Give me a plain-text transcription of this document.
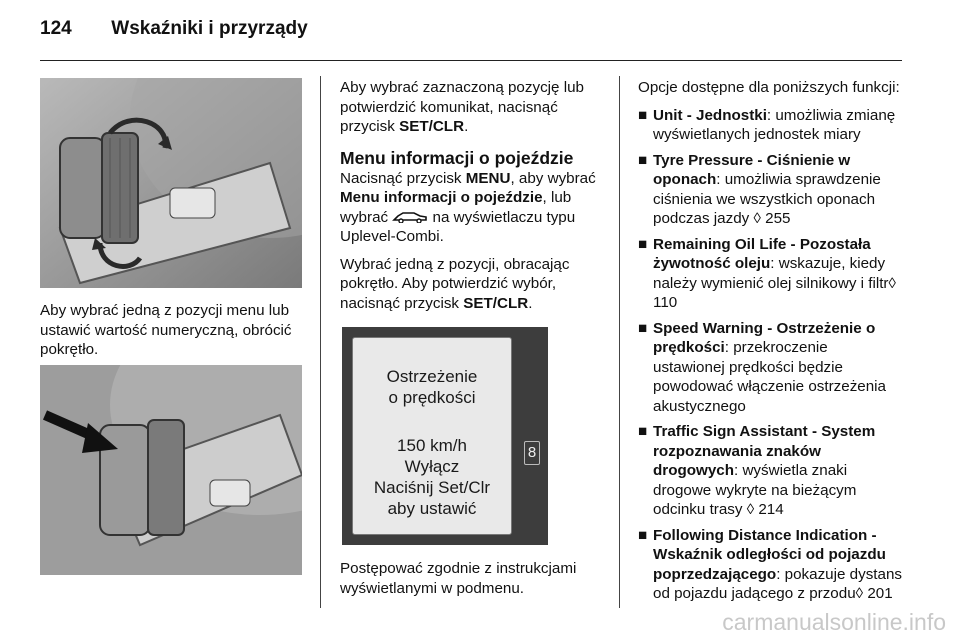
124 Wskaźniki i przyrządy
Aby wybrać jedną z pozycji menu lub ustawić wartość numeryczną, obrócić pokrętło.

Aby wybrać zaznaczoną pozycję lub potwierdzić komunikat, nacisnąć przycisk SET/CLR.

Menu informacji o pojeździe

Nacisnąć przycisk MENU, aby wybrać Menu informacji o pojeździe, lub wybrać  na wyświetlaczu typu Uplevel-Combi.

Wybrać jedną z pozycji, obracając pokrętło. Aby potwierdzić wybór, nacisnąć przycisk SET/CLR.

Ostrzeżenie
o prędkości
150 km/h
Wyłącz
Naciśnij Set/Clr
aby ustawić
8

Postępować zgodnie z instrukcjami wyświetlanymi w podmenu.

Opcje dostępne dla poniższych funkcji:

■ Unit - Jednostki: umożliwia zmianę wyświetlanych jednostek miary
■ Tyre Pressure - Ciśnienie w oponach: umożliwia sprawdzenie ciśnienia we wszystkich oponach podczas jazdy ◊ 255
■ Remaining Oil Life - Pozostała żywotność oleju: wskazuje, kiedy należy wymienić olej silnikowy i filtr◊ 110
■ Speed Warning - Ostrzeżenie o prędkości: przekroczenie ustawionej prędkości będzie powodować włączenie ostrzeżenia akustycznego
■ Traffic Sign Assistant - System rozpoznawania znaków drogowych: wyświetla znaki drogowe wykryte na bieżącym odcinku trasy ◊ 214
■ Following Distance Indication - Wskaźnik odległości od pojazdu poprzedzającego: pokazuje dystans od pojazdu jadącego z przodu◊ 201
carmanualsonline.info
